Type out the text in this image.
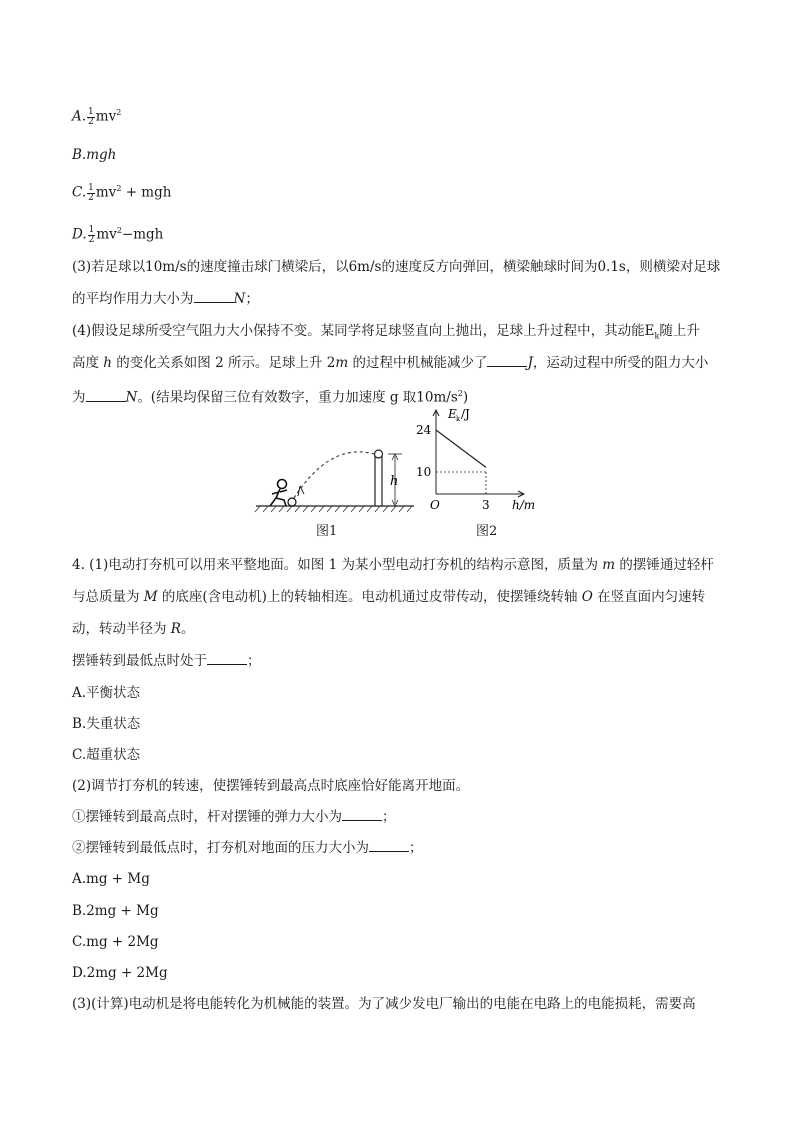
A. $\frac{1}{2} mv^2$
B.mgh
C. $\frac{1}{2} mv^2$ + mgh
D. $\frac{1}{2} mv^2-mgh$
(3)若足球以10m/s的速度撞击球门横梁后，以6m/s的速度反方向弹回，横梁触球时间为0.1s，则横梁对足球
的平均作用力大小为	N；
(4)假设足球所受空气阻力大小保持不变。某同学将足球竖直向上抛出，足球上升过程中，其动能$E_k$随上升
高度 h 的变化关系如图 2 所示。足球上升 2m 的过程中机械能减少了	J，运动过程中所受的阻力大小
为	N。(结果均保留三位有效数字，重力加速度 g 取$10m/s^2$)
h
E k /J
24
10
O	3 h/m
图1	图2
4. (1)电动打夯机可以用来平整地面。如图 1 为某小型电动打夯机的结构示意图，质量为 m 的摆锤通过轻杆
与总质量为 M 的底座(含电动机)上的转轴相连。电动机通过皮带传动，使摆锤绕转轴 O 在竖直面内匀速转
动，转动半径为 R。
摆锤转到最低点时处于	；
A.平衡状态
B.失重状态
C.超重状态
(2)调节打夯机的转速，使摆锤转到最高点时底座恰好能离开地面。
①摆锤转到最高点时，杆对摆锤的弹力大小为	；
②摆锤转到最低点时，打夯机对地面的压力大小为	；
A.mg + Mg
B.2mg + Mg
C.mg + 2Mg
D.2mg + 2Mg
(3)(计算)电动机是将电能转化为机械能的装置。为了减少发电厂输出的电能在电路上的电能损耗，需要高
